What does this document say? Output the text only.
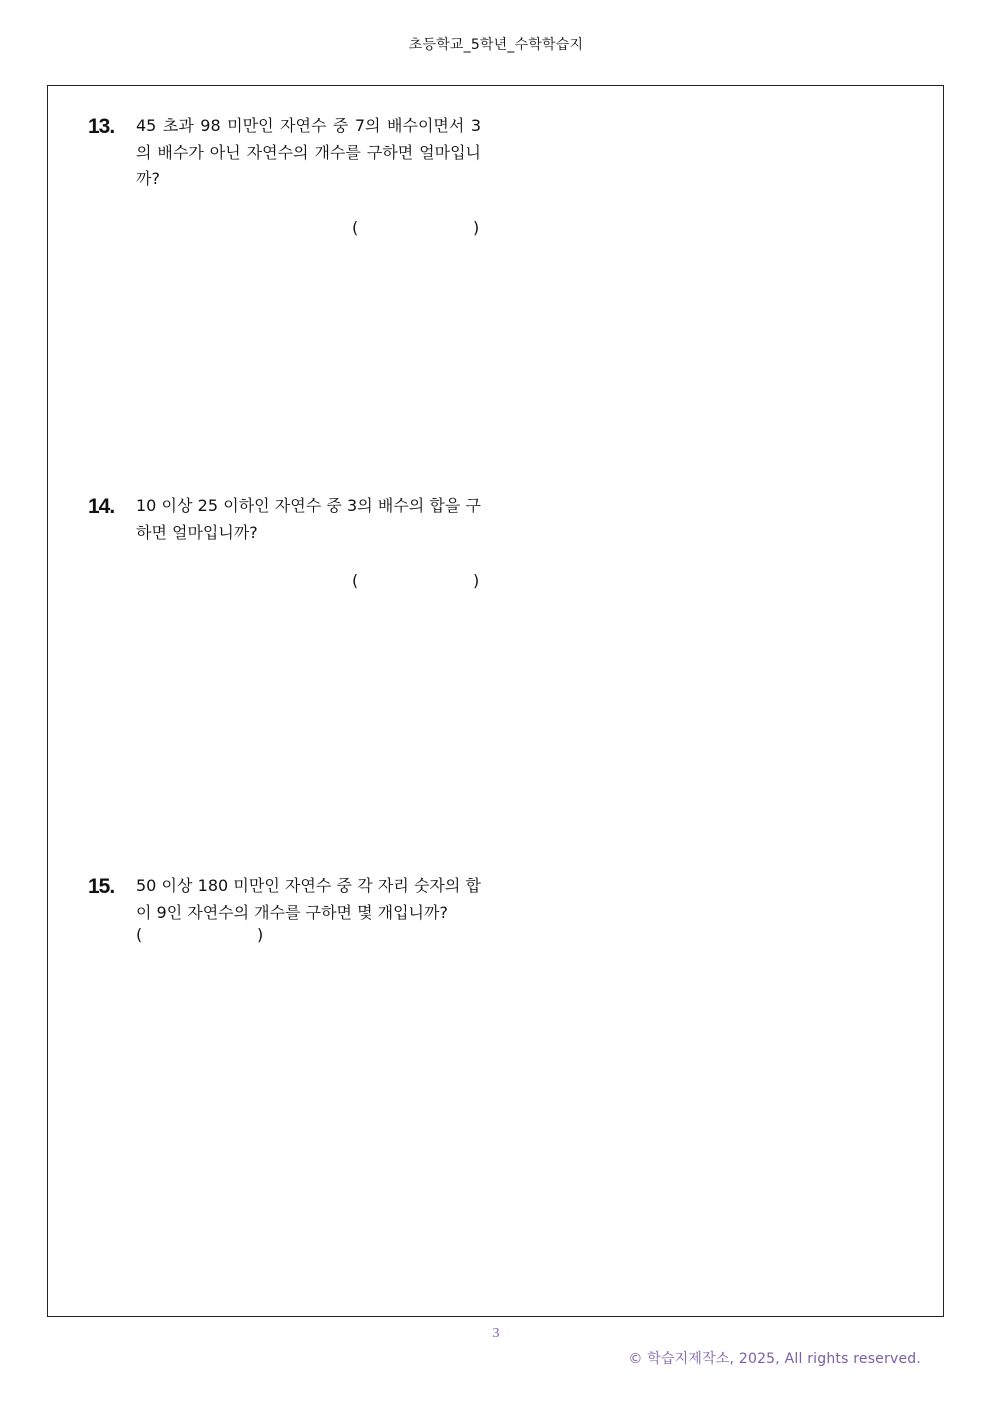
초등학교_5학년_수학학습지
13. 45 초과 98 미만인 자연수 중 7의 배수이면서 3의 배수가 아닌 자연수의 개수를 구하면 얼마입니까?
(	)
14. 10 이상 25 이하인 자연수 중 3의 배수의 합을 구하면 얼마입니까?
(	)
15. 50 이상 180 미만인 자연수 중 각 자리 숫자의 합이 9인 자연수의 개수를 구하면 몇 개입니까?
(	)
3
© 학습지제작소, 2025, All rights reserved.
